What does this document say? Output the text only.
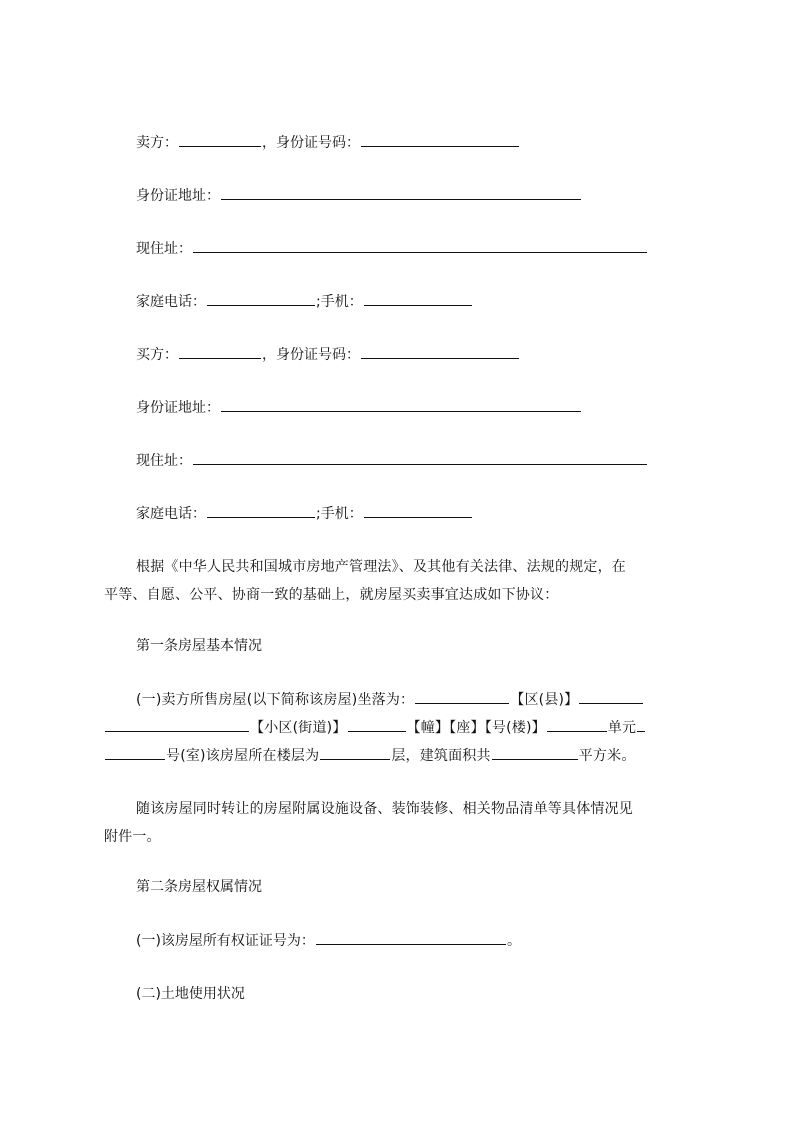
卖方：	，身份证号码：
身份证地址：
现住址：
家庭电话：	;手机：
买方：	，身份证号码：
身份证地址：
现住址：
家庭电话：	;手机：
根据《中华人民共和国城市房地产管理法》、及其他有关法律、法规的规定，在
平等、自愿、公平、协商一致的基础上，就房屋买卖事宜达成如下协议：
第一条房屋基本情况
(一)卖方所售房屋(以下简称该房屋)坐落为：	【区(县)】
【小区(街道)】	【幢】【座】【号(楼)】	单元
号(室)该房屋所在楼层为	层，建筑面积共	平方米。
随该房屋同时转让的房屋附属设施设备、装饰装修、相关物品清单等具体情况见
附件一。
第二条房屋权属情况
(一)该房屋所有权证证号为：	。
(二)土地使用状况
